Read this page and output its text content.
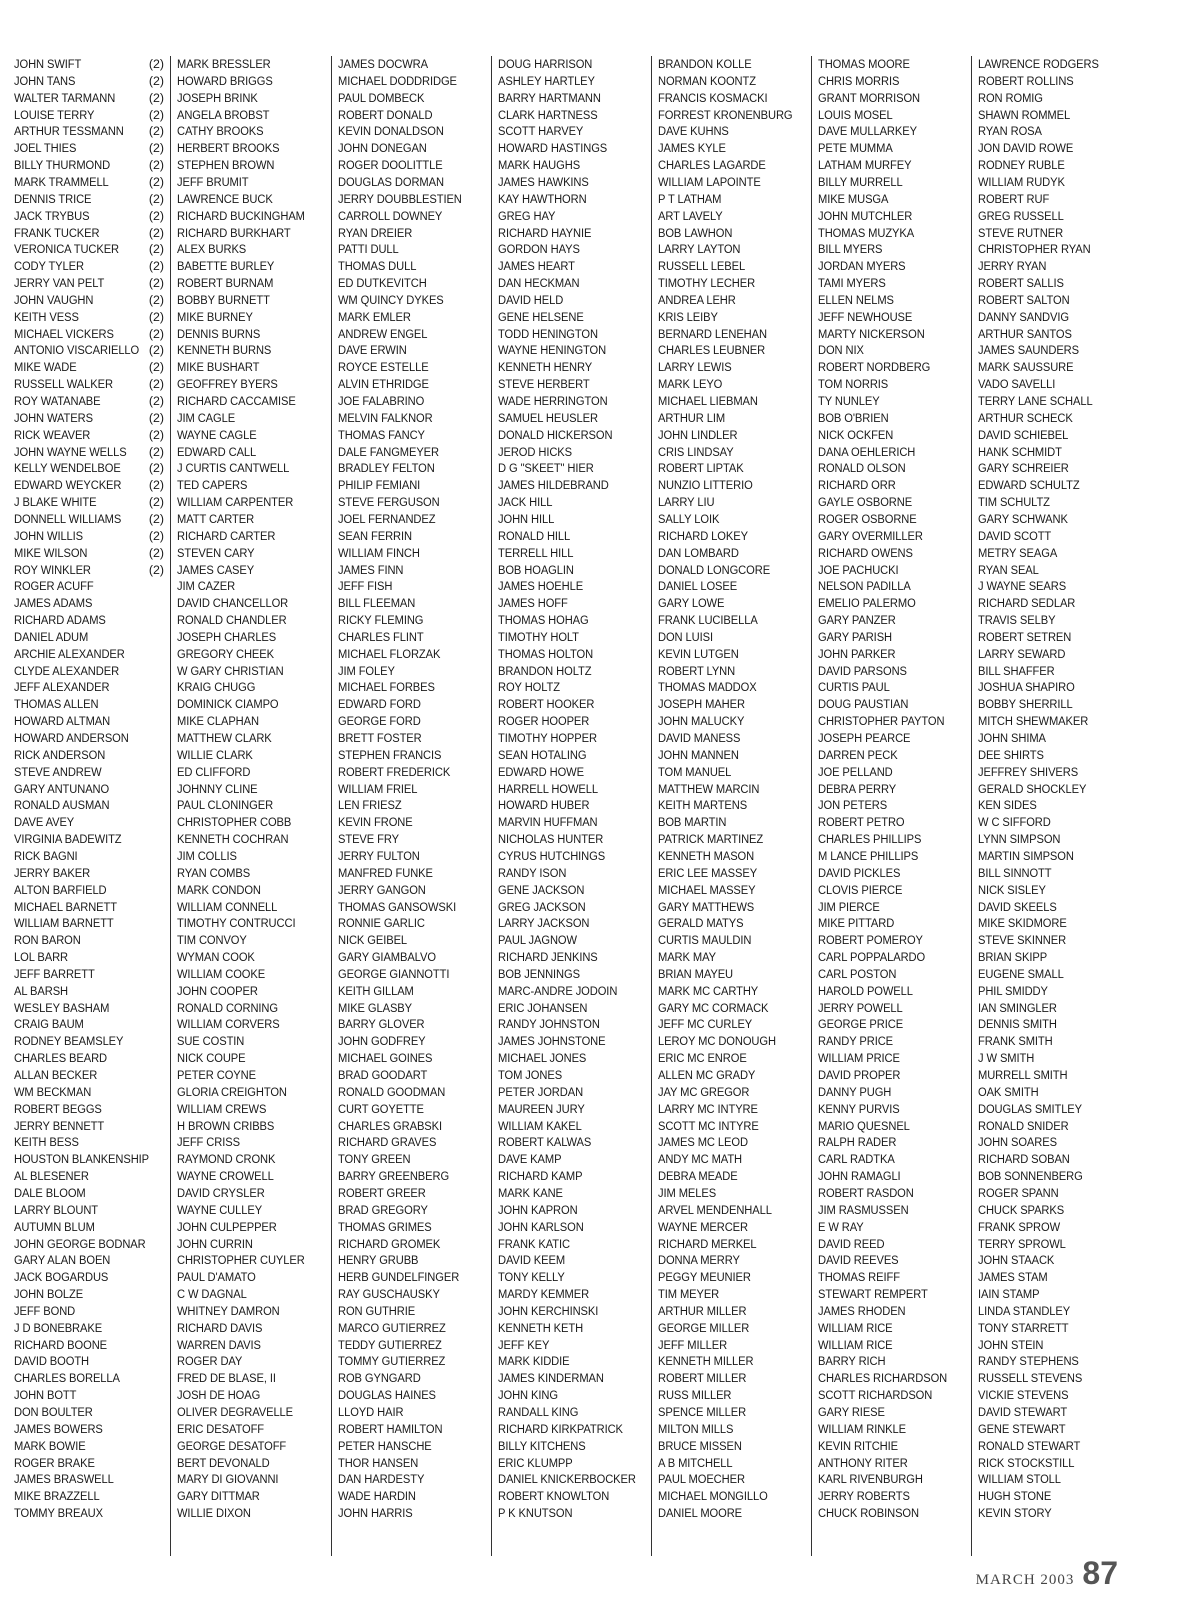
JOHN SWIFT
JOHN TANS
WALTER TARMANN
LOUISE TERRY
ARTHUR TESSMANN
JOEL THIES
BILLY THURMOND
MARK TRAMMELL
DENNIS TRICE
JACK TRYBUS
FRANK TUCKER
VERONICA TUCKER
CODY TYLER
JERRY VAN PELT
JOHN VAUGHN
KEITH VESS
MICHAEL VICKERS
ANTONIO VISCARIELLO
MIKE WADE
RUSSELL WALKER
ROY WATANABE
JOHN WATERS
RICK WEAVER
JOHN WAYNE WELLS
KELLY WENDELBOE
EDWARD WEYCKER
J BLAKE WHITE
DONNELL WILLIAMS
JOHN WILLIS
MIKE WILSON
ROY WINKLER
ROGER ACUFF
JAMES ADAMS
RICHARD ADAMS
DANIEL ADUM
ARCHIE ALEXANDER
CLYDE ALEXANDER
JEFF ALEXANDER
THOMAS ALLEN
HOWARD ALTMAN
HOWARD ANDERSON
RICK ANDERSON
STEVE ANDREW
GARY ANTUNANO
RONALD AUSMAN
DAVE AVEY
VIRGINIA BADEWITZ
RICK BAGNI
JERRY BAKER
ALTON BARFIELD
MICHAEL BARNETT
WILLIAM BARNETT
RON BARON
LOL BARR
JEFF BARRETT
AL BARSH
WESLEY BASHAM
CRAIG BAUM
RODNEY BEAMSLEY
CHARLES BEARD
ALLAN BECKER
WM BECKMAN
ROBERT BEGGS
JERRY BENNETT
KEITH BESS
HOUSTON BLANKENSHIP
AL BLESENER
DALE BLOOM
LARRY BLOUNT
AUTUMN BLUM
JOHN GEORGE BODNAR
GARY ALAN BOEN
JACK BOGARDUS
JOHN BOLZE
JEFF BOND
J D BONEBRAKE
RICHARD BOONE
DAVID BOOTH
CHARLES BORELLA
JOHN BOTT
DON BOULTER
JAMES BOWERS
MARK BOWIE
ROGER BRAKE
JAMES BRASWELL
MIKE BRAZZELL
TOMMY BREAUX
(2)
(2)
(2)
(2)
(2)
(2)
(2)
(2)
(2)
(2)
(2)
(2)
(2)
(2)
(2)
(2)
(2)
(2)
(2)
(2)
(2)
(2)
(2)
(2)
(2)
(2)
(2)
(2)
(2)
(2)
(2)
MARK BRESSLER
HOWARD BRIGGS
JOSEPH BRINK
ANGELA BROBST
CATHY BROOKS
HERBERT BROOKS
STEPHEN BROWN
JEFF BRUMIT
LAWRENCE BUCK
RICHARD BUCKINGHAM
RICHARD BURKHART
ALEX BURKS
BABETTE BURLEY
ROBERT BURNAM
BOBBY BURNETT
MIKE BURNEY
DENNIS BURNS
KENNETH BURNS
MIKE BUSHART
GEOFFREY BYERS
RICHARD CACCAMISE
JIM CAGLE
WAYNE CAGLE
EDWARD CALL
J CURTIS CANTWELL
TED CAPERS
WILLIAM CARPENTER
MATT CARTER
RICHARD CARTER
STEVEN CARY
JAMES CASEY
JIM CAZER
DAVID CHANCELLOR
RONALD CHANDLER
JOSEPH CHARLES
GREGORY CHEEK
W GARY CHRISTIAN
KRAIG CHUGG
DOMINICK CIAMPO
MIKE CLAPHAN
MATTHEW CLARK
WILLIE CLARK
ED CLIFFORD
JOHNNY CLINE
PAUL CLONINGER
CHRISTOPHER COBB
KENNETH COCHRAN
JIM COLLIS
RYAN COMBS
MARK CONDON
WILLIAM CONNELL
TIMOTHY CONTRUCCI
TIM CONVOY
WYMAN COOK
WILLIAM COOKE
JOHN COOPER
RONALD CORNING
WILLIAM CORVERS
SUE COSTIN
NICK COUPE
PETER COYNE
GLORIA CREIGHTON
WILLIAM CREWS
H BROWN CRIBBS
JEFF CRISS
RAYMOND CRONK
WAYNE CROWELL
DAVID CRYSLER
WAYNE CULLEY
JOHN CULPEPPER
JOHN CURRIN
CHRISTOPHER CUYLER
PAUL D'AMATO
C W DAGNAL
WHITNEY DAMRON
RICHARD DAVIS
WARREN DAVIS
ROGER DAY
FRED DE BLASE, II
JOSH DE HOAG
OLIVER DEGRAVELLE
ERIC DESATOFF
GEORGE DESATOFF
BERT DEVONALD
MARY DI GIOVANNI
GARY DITTMAR
WILLIE DIXON
JAMES DOCWRA
MICHAEL DODDRIDGE
PAUL DOMBECK
ROBERT DONALD
KEVIN DONALDSON
JOHN DONEGAN
ROGER DOOLITTLE
DOUGLAS DORMAN
JERRY DOUBBLESTIEN
CARROLL DOWNEY
RYAN DREIER
PATTI DULL
THOMAS DULL
ED DUTKEVITCH
WM QUINCY DYKES
MARK EMLER
ANDREW ENGEL
DAVE ERWIN
ROYCE ESTELLE
ALVIN ETHRIDGE
JOE FALABRINO
MELVIN FALKNOR
THOMAS FANCY
DALE FANGMEYER
BRADLEY FELTON
PHILIP FEMIANI
STEVE FERGUSON
JOEL FERNANDEZ
SEAN FERRIN
WILLIAM FINCH
JAMES FINN
JEFF FISH
BILL FLEEMAN
RICKY FLEMING
CHARLES FLINT
MICHAEL FLORZAK
JIM FOLEY
MICHAEL FORBES
EDWARD FORD
GEORGE FORD
BRETT FOSTER
STEPHEN FRANCIS
ROBERT FREDERICK
WILLIAM FRIEL
LEN FRIESZ
KEVIN FRONE
STEVE FRY
JERRY FULTON
MANFRED FUNKE
JERRY GANGON
THOMAS GANSOWSKI
RONNIE GARLIC
NICK GEIBEL
GARY GIAMBALVO
GEORGE GIANNOTTI
KEITH GILLAM
MIKE GLASBY
BARRY GLOVER
JOHN GODFREY
MICHAEL GOINES
BRAD GOODART
RONALD GOODMAN
CURT GOYETTE
CHARLES GRABSKI
RICHARD GRAVES
TONY GREEN
BARRY GREENBERG
ROBERT GREER
BRAD GREGORY
THOMAS GRIMES
RICHARD GROMEK
HENRY GRUBB
HERB GUNDELFINGER
RAY GUSCHAUSKY
RON GUTHRIE
MARCO GUTIERREZ
TEDDY GUTIERREZ
TOMMY GUTIERREZ
ROB GYNGARD
DOUGLAS HAINES
LLOYD HAIR
ROBERT HAMILTON
PETER HANSCHE
THOR HANSEN
DAN HARDESTY
WADE HARDIN
JOHN HARRIS
DOUG HARRISON
ASHLEY HARTLEY
BARRY HARTMANN
CLARK HARTNESS
SCOTT HARVEY
HOWARD HASTINGS
MARK HAUGHS
JAMES HAWKINS
KAY HAWTHORN
GREG HAY
RICHARD HAYNIE
GORDON HAYS
JAMES HEART
DAN HECKMAN
DAVID HELD
GENE HELSENE
TODD HENINGTON
WAYNE HENINGTON
KENNETH HENRY
STEVE HERBERT
WADE HERRINGTON
SAMUEL HEUSLER
DONALD HICKERSON
JEROD HICKS
D G "SKEET" HIER
JAMES HILDEBRAND
JACK HILL
JOHN HILL
RONALD HILL
TERRELL HILL
BOB HOAGLIN
JAMES HOEHLE
JAMES HOFF
THOMAS HOHAG
TIMOTHY HOLT
THOMAS HOLTON
BRANDON HOLTZ
ROY HOLTZ
ROBERT HOOKER
ROGER HOOPER
TIMOTHY HOPPER
SEAN HOTALING
EDWARD HOWE
HARRELL HOWELL
HOWARD HUBER
MARVIN HUFFMAN
NICHOLAS HUNTER
CYRUS HUTCHINGS
RANDY ISON
GENE JACKSON
GREG JACKSON
LARRY JACKSON
PAUL JAGNOW
RICHARD JENKINS
BOB JENNINGS
MARC-ANDRE JODOIN
ERIC JOHANSEN
RANDY JOHNSTON
JAMES JOHNSTONE
MICHAEL JONES
TOM JONES
PETER JORDAN
MAUREEN JURY
WILLIAM KAKEL
ROBERT KALWAS
DAVE KAMP
RICHARD KAMP
MARK KANE
JOHN KAPRON
JOHN KARLSON
FRANK KATIC
DAVID KEEM
TONY KELLY
MARDY KEMMER
JOHN KERCHINSKI
KENNETH KETH
JEFF KEY
MARK KIDDIE
JAMES KINDERMAN
JOHN KING
RANDALL KING
RICHARD KIRKPATRICK
BILLY KITCHENS
ERIC KLUMPP
DANIEL KNICKERBOCKER
ROBERT KNOWLTON
P K KNUTSON
BRANDON KOLLE
NORMAN KOONTZ
FRANCIS KOSMACKI
FORREST KRONENBURG
DAVE KUHNS
JAMES KYLE
CHARLES LAGARDE
WILLIAM LAPOINTE
P T LATHAM
ART LAVELY
BOB LAWHON
LARRY LAYTON
RUSSELL LEBEL
TIMOTHY LECHER
ANDREA LEHR
KRIS LEIBY
BERNARD LENEHAN
CHARLES LEUBNER
LARRY LEWIS
MARK LEYO
MICHAEL LIEBMAN
ARTHUR LIM
JOHN LINDLER
CRIS LINDSAY
ROBERT LIPTAK
NUNZIO LITTERIO
LARRY LIU
SALLY LOIK
RICHARD LOKEY
DAN LOMBARD
DONALD LONGCORE
DANIEL LOSEE
GARY LOWE
FRANK LUCIBELLA
DON LUISI
KEVIN LUTGEN
ROBERT LYNN
THOMAS MADDOX
JOSEPH MAHER
JOHN MALUCKY
DAVID MANESS
JOHN MANNEN
TOM MANUEL
MATTHEW MARCIN
KEITH MARTENS
BOB MARTIN
PATRICK MARTINEZ
KENNETH MASON
ERIC LEE MASSEY
MICHAEL MASSEY
GARY MATTHEWS
GERALD MATYS
CURTIS MAULDIN
MARK MAY
BRIAN MAYEU
MARK MC CARTHY
GARY MC CORMACK
JEFF MC CURLEY
LEROY MC DONOUGH
ERIC MC ENROE
ALLEN MC GRADY
JAY MC GREGOR
LARRY MC INTYRE
SCOTT MC INTYRE
JAMES MC LEOD
ANDY MC MATH
DEBRA MEADE
JIM MELES
ARVEL MENDENHALL
WAYNE MERCER
RICHARD MERKEL
DONNA MERRY
PEGGY MEUNIER
TIM MEYER
ARTHUR MILLER
GEORGE MILLER
JEFF MILLER
KENNETH MILLER
ROBERT MILLER
RUSS MILLER
SPENCE MILLER
MILTON MILLS
BRUCE MISSEN
A B MITCHELL
PAUL MOECHER
MICHAEL MONGILLO
DANIEL MOORE
THOMAS MOORE
CHRIS MORRIS
GRANT MORRISON
LOUIS MOSEL
DAVE MULLARKEY
PETE MUMMA
LATHAM MURFEY
BILLY MURRELL
MIKE MUSGA
JOHN MUTCHLER
THOMAS MUZYKA
BILL MYERS
JORDAN MYERS
TAMI MYERS
ELLEN NELMS
JEFF NEWHOUSE
MARTY NICKERSON
DON NIX
ROBERT NORDBERG
TOM NORRIS
TY NUNLEY
BOB O'BRIEN
NICK OCKFEN
DANA OEHLERICH
RONALD OLSON
RICHARD ORR
GAYLE OSBORNE
ROGER OSBORNE
GARY OVERMILLER
RICHARD OWENS
JOE PACHUCKI
NELSON PADILLA
EMELIO PALERMO
GARY PANZER
GARY PARISH
JOHN PARKER
DAVID PARSONS
CURTIS PAUL
DOUG PAUSTIAN
CHRISTOPHER PAYTON
JOSEPH PEARCE
DARREN PECK
JOE PELLAND
DEBRA PERRY
JON PETERS
ROBERT PETRO
CHARLES PHILLIPS
M LANCE PHILLIPS
DAVID PICKLES
CLOVIS PIERCE
JIM PIERCE
MIKE PITTARD
ROBERT POMEROY
CARL POPPALARDO
CARL POSTON
HAROLD POWELL
JERRY POWELL
GEORGE PRICE
RANDY PRICE
WILLIAM PRICE
DAVID PROPER
DANNY PUGH
KENNY PURVIS
MARIO QUESNEL
RALPH RADER
CARL RADTKA
JOHN RAMAGLI
ROBERT RASDON
JIM RASMUSSEN
E W RAY
DAVID REED
DAVID REEVES
THOMAS REIFF
STEWART REMPERT
JAMES RHODEN
WILLIAM RICE
WILLIAM RICE
BARRY RICH
CHARLES RICHARDSON
SCOTT RICHARDSON
GARY RIESE
WILLIAM RINKLE
KEVIN RITCHIE
ANTHONY RITER
KARL RIVENBURGH
JERRY ROBERTS
CHUCK ROBINSON
LAWRENCE RODGERS
ROBERT ROLLINS
RON ROMIG
SHAWN ROMMEL
RYAN ROSA
JON DAVID ROWE
RODNEY RUBLE
WILLIAM RUDYK
ROBERT RUF
GREG RUSSELL
STEVE RUTNER
CHRISTOPHER RYAN
JERRY RYAN
ROBERT SALLIS
ROBERT SALTON
DANNY SANDVIG
ARTHUR SANTOS
JAMES SAUNDERS
MARK SAUSSURE
VADO SAVELLI
TERRY LANE SCHALL
ARTHUR SCHECK
DAVID SCHIEBEL
HANK SCHMIDT
GARY SCHREIER
EDWARD SCHULTZ
TIM SCHULTZ
GARY SCHWANK
DAVID SCOTT
METRY SEAGA
RYAN SEAL
J WAYNE SEARS
RICHARD SEDLAR
TRAVIS SELBY
ROBERT SETREN
LARRY SEWARD
BILL SHAFFER
JOSHUA SHAPIRO
BOBBY SHERRILL
MITCH SHEWMAKER
JOHN SHIMA
DEE SHIRTS
JEFFREY SHIVERS
GERALD SHOCKLEY
KEN SIDES
W C SIFFORD
LYNN SIMPSON
MARTIN SIMPSON
BILL SINNOTT
NICK SISLEY
DAVID SKEELS
MIKE SKIDMORE
STEVE SKINNER
BRIAN SKIPP
EUGENE SMALL
PHIL SMIDDY
IAN SMINGLER
DENNIS SMITH
FRANK SMITH
J W SMITH
MURRELL SMITH
OAK SMITH
DOUGLAS SMITLEY
RONALD SNIDER
JOHN SOARES
RICHARD SOBAN
BOB SONNENBERG
ROGER SPANN
CHUCK SPARKS
FRANK SPROW
TERRY SPROWL
JOHN STAACK
JAMES STAM
IAIN STAMP
LINDA STANDLEY
TONY STARRETT
JOHN STEIN
RANDY STEPHENS
RUSSELL STEVENS
VICKIE STEVENS
DAVID STEWART
GENE STEWART
RONALD STEWART
RICK STOCKSTILL
WILLIAM STOLL
HUGH STONE
KEVIN STORY
MARCH 2003 87
